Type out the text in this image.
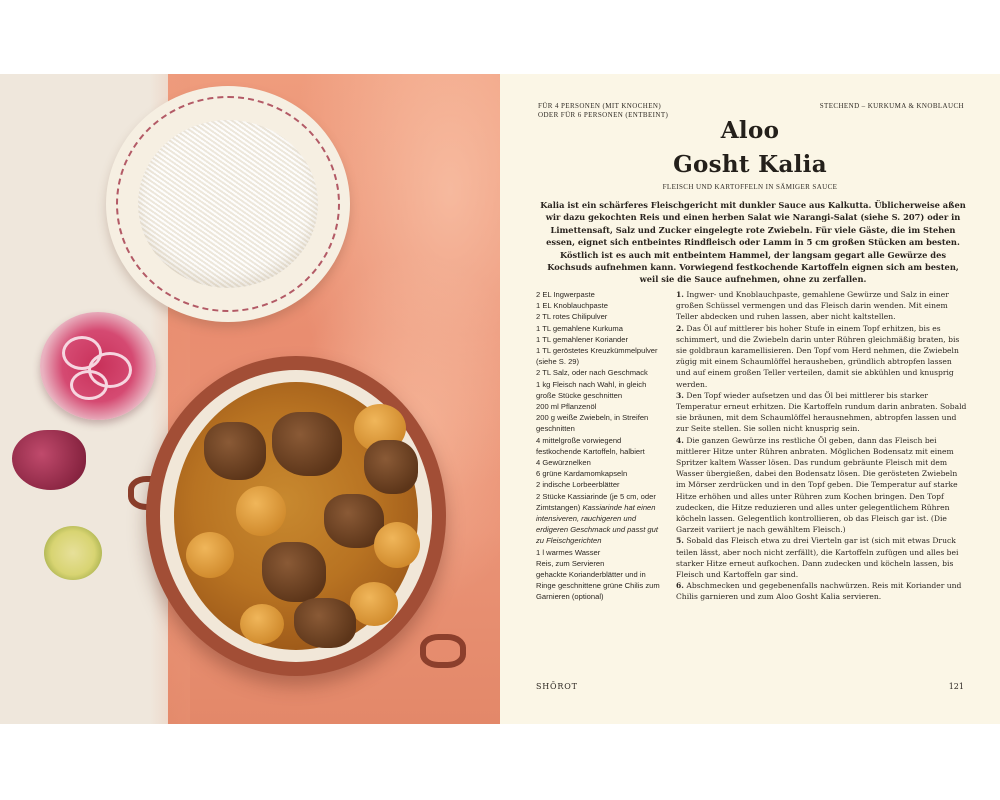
FÜR 4 PERSONEN (MIT KNOCHEN) ODER FÜR 6 PERSONEN (ENTBEINT)
STECHEND – KURKUMA & KNOBLAUCH
Aloo
Gosht Kalia
FLEISCH UND KARTOFFELN IN SÄMIGER SAUCE

Kalia ist ein schärferes Fleischgericht mit dunkler Sauce aus Kalkutta. Üblicherweise aßen wir dazu gekochten Reis und einen herben Salat wie Narangi-Salat (siehe S. 207) oder in Limettensaft, Salz und Zucker eingelegte rote Zwiebeln. Für viele Gäste, die im Stehen essen, eignet sich entbeintes Rindfleisch oder Lamm in 5 cm großen Stücken am besten. Köstlich ist es auch mit entbeintem Hammel, der langsam gegart alle Gewürze des Kochsuds aufnehmen kann. Vorwiegend festkochende Kartoffeln eignen sich am besten, weil sie die Sauce aufnehmen, ohne zu zerfallen.

2 EL Ingwerpaste
1 EL Knoblauchpaste
2 TL rotes Chilipulver
1 TL gemahlene Kurkuma
1 TL gemahlener Koriander
1 TL geröstetes Kreuzkümmelpulver (siehe S. 29)
2 TL Salz, oder nach Geschmack
1 kg Fleisch nach Wahl, in gleich große Stücke geschnitten
200 ml Pflanzenöl
200 g weiße Zwiebeln, in Streifen geschnitten
4 mittelgroße vorwiegend festkochende Kartoffeln, halbiert
4 Gewürznelken
6 grüne Kardamomkapseln
2 indische Lorbeerblätter
2 Stücke Kassiarinde (je 5 cm, oder Zimtstangen) Kassiarinde hat einen intensiveren, rauchigeren und erdigeren Geschmack und passt gut zu Fleischgerichten
1 l warmes Wasser
Reis, zum Servieren
gehackte Korianderblätter und in Ringe geschnittene grüne Chilis zum Garnieren (optional)
1. Ingwer- und Knoblauchpaste, gemahlene Gewürze und Salz in einer großen Schüssel vermengen und das Fleisch darin wenden. Mit einem Teller abdecken und ruhen lassen, aber nicht kaltstellen.
2. Das Öl auf mittlerer bis hoher Stufe in einem Topf erhitzen, bis es schimmert, und die Zwiebeln darin unter Rühren gleichmäßig braten, bis sie goldbraun karamellisieren. Den Topf vom Herd nehmen, die Zwiebeln zügig mit einem Schaumlöffel herausheben, gründlich abtropfen lassen und auf einem großen Teller verteilen, damit sie abkühlen und knusprig werden.
3. Den Topf wieder aufsetzen und das Öl bei mittlerer bis starker Temperatur erneut erhitzen. Die Kartoffeln rundum darin anbraten. Sobald sie bräunen, mit dem Schaumlöffel herausnehmen, abtropfen lassen und zur Seite stellen. Sie sollen nicht knusprig sein.
4. Die ganzen Gewürze ins restliche Öl geben, dann das Fleisch bei mittlerer Hitze unter Rühren anbraten. Möglichen Bodensatz mit einem Spritzer kaltem Wasser lösen. Das rundum gebräunte Fleisch mit dem Wasser übergießen, dabei den Bodensatz lösen. Die gerösteten Zwiebeln im Mörser zerdrücken und in den Topf geben. Die Temperatur auf starke Hitze erhöhen und alles unter Rühren zum Kochen bringen. Den Topf zudecken, die Hitze reduzieren und alles unter gelegentlichem Rühren köcheln lassen. Gelegentlich kontrollieren, ob das Fleisch gar ist. (Die Garzeit variiert je nach gewähltem Fleisch.)
5. Sobald das Fleisch etwa zu drei Vierteln gar ist (sich mit etwas Druck teilen lässt, aber noch nicht zerfällt), die Kartoffeln zufügen und alles bei starker Hitze erneut aufkochen. Dann zudecken und köcheln lassen, bis Fleisch und Kartoffeln gar sind.
6. Abschmecken und gegebenenfalls nachwürzen. Reis mit Koriander und Chilis garnieren und zum Aloo Gosht Kalia servieren.
SHŌROT	121
